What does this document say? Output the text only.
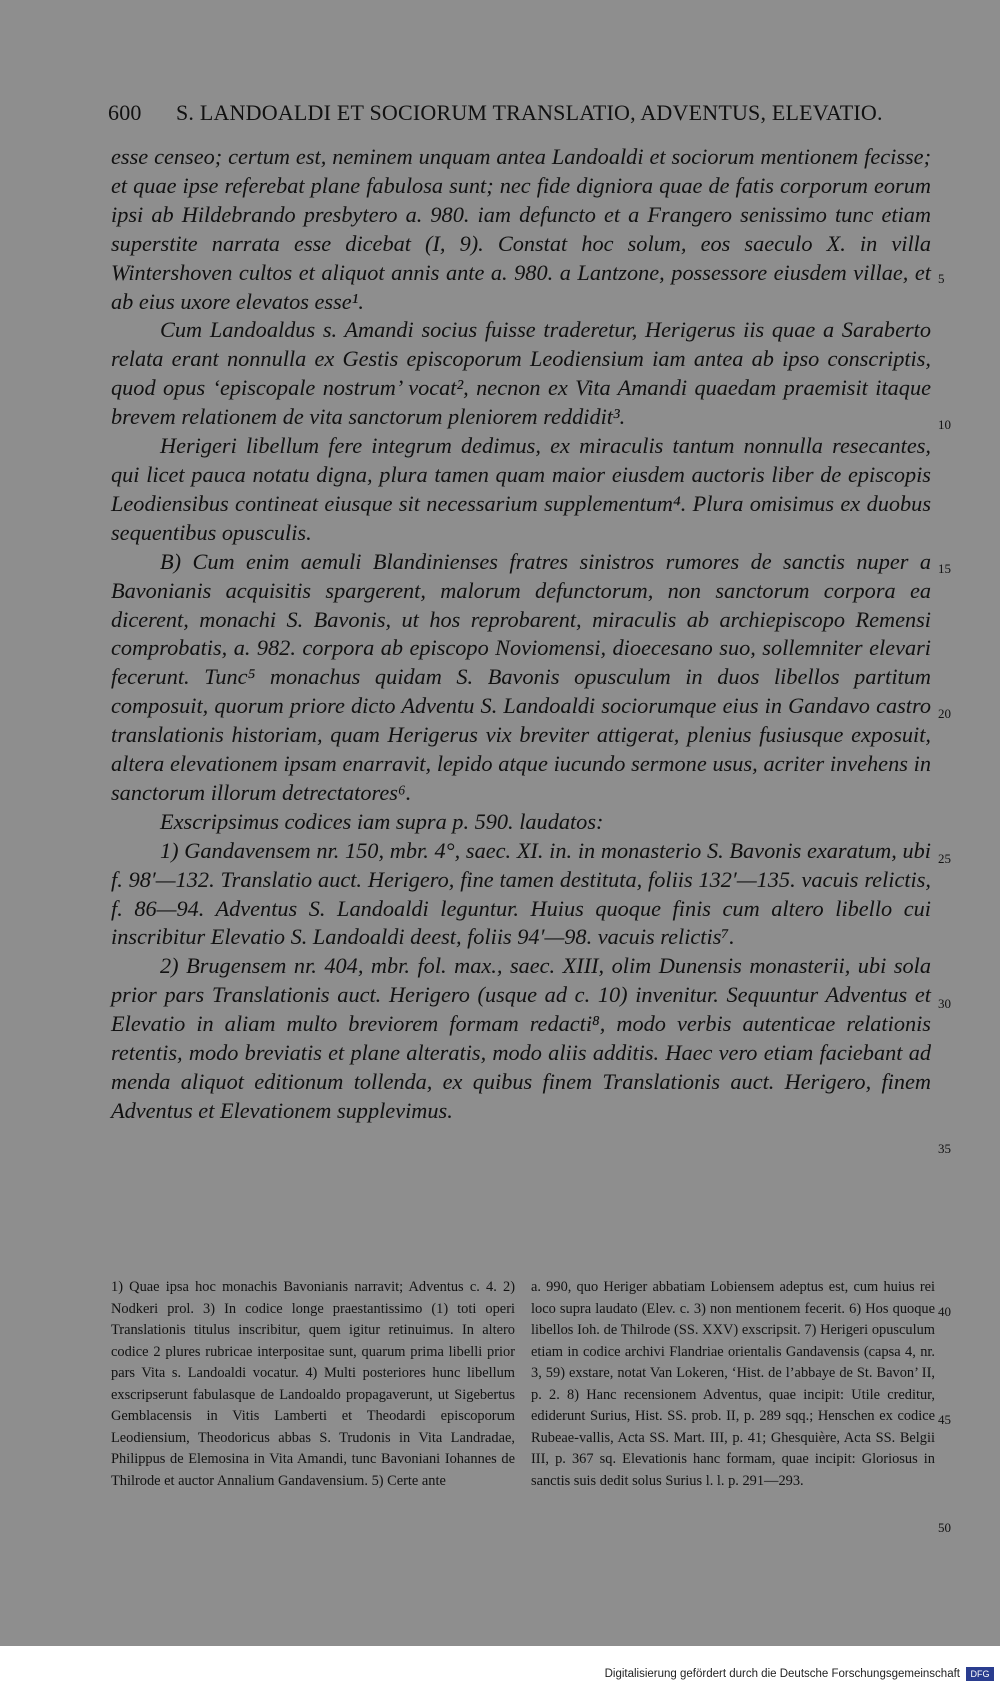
600 S. LANDOALDI ET SOCIORUM TRANSLATIO, ADVENTUS, ELEVATIO.

esse censeo; certum est, neminem unquam antea Landoaldi et sociorum mentionem fecisse; et quae ipse referebat plane fabulosa sunt; nec fide digniora quae de fatis corporum eorum ipsi ab Hildebrando presbytero a. 980. iam defuncto et a Frangero senissimo tunc etiam superstite narrata esse dicebat (I, 9). Constat hoc solum, eos saeculo X. in villa Wintershoven cultos et aliquot annis ante a. 980. a Lantzone, possessore eiusdem villae, et ab eius uxore elevatos esse¹.

Cum Landoaldus s. Amandi socius fuisse traderetur, Herigerus iis quae a Saraberto relata erant nonnulla ex Gestis episcoporum Leodiensium iam antea ab ipso conscriptis, quod opus ‘episcopale nostrum’ vocat², necnon ex Vita Amandi quaedam praemisit itaque brevem relationem de vita sanctorum pleniorem reddidit³.

Herigeri libellum fere integrum dedimus, ex miraculis tantum nonnulla resecantes, qui licet pauca notatu digna, plura tamen quam maior eiusdem auctoris liber de episcopis Leodiensibus contineat eiusque sit necessarium supplementum⁴. Plura omisimus ex duobus sequentibus opusculis.

B) Cum enim aemuli Blandinienses fratres sinistros rumores de sanctis nuper a Bavonianis acquisitis spargerent, malorum defunctorum, non sanctorum corpora ea dicerent, monachi S. Bavonis, ut hos reprobarent, miraculis ab archiepiscopo Remensi comprobatis, a. 982. corpora ab episcopo Noviomensi, dioecesano suo, sollemniter elevari fecerunt. Tunc⁵ monachus quidam S. Bavonis opusculum in duos libellos partitum composuit, quorum priore dicto Adventu S. Landoaldi sociorumque eius in Gandavo castro translationis historiam, quam Herigerus vix breviter attigerat, plenius fusiusque exposuit, altera elevationem ipsam enarravit, lepido atque iucundo sermone usus, acriter invehens in sanctorum illorum detrectatores⁶.

Exscripsimus codices iam supra p. 590. laudatos:

1) Gandavensem nr. 150, mbr. 4°, saec. XI. in. in monasterio S. Bavonis exaratum, ubi f. 98′—132. Translatio auct. Herigero, fine tamen destituta, foliis 132′—135. vacuis relictis, f. 86—94. Adventus S. Landoaldi leguntur. Huius quoque finis cum altero libello cui inscribitur Elevatio S. Landoaldi deest, foliis 94′—98. vacuis relictis⁷.

2) Brugensem nr. 404, mbr. fol. max., saec. XIII, olim Dunensis monasterii, ubi sola prior pars Translationis auct. Herigero (usque ad c. 10) invenitur. Sequuntur Adventus et Elevatio in aliam multo breviorem formam redacti⁸, modo verbis autenticae relationis retentis, modo breviatis et plane alteratis, modo aliis additis. Haec vero etiam faciebant ad menda aliquot editionum tollenda, ex quibus finem Translationis auct. Herigero, finem Adventus et Elevationem supplevimus.

5
10
15
20
25
30
35
40
45
50

1) Quae ipsa hoc monachis Bavonianis narravit; Adventus c. 4. 2) Nodkeri prol. 3) In codice longe praestantissimo (1) toti operi Translationis titulus inscribitur, quem igitur retinuimus. In altero codice 2 plures rubricae interpositae sunt, quarum prima libelli prior pars Vita s. Landoaldi vocatur. 4) Multi posteriores hunc libellum exscripserunt fabulasque de Landoaldo propagaverunt, ut Sigebertus Gemblacensis in Vitis Lamberti et Theodardi episcoporum Leodiensium, Theodoricus abbas S. Trudonis in Vita Landradae, Philippus de Elemosina in Vita Amandi, tunc Bavoniani Iohannes de Thilrode et auctor Annalium Gandavensium. 5) Certe ante

a. 990, quo Heriger abbatiam Lobiensem adeptus est, cum huius rei loco supra laudato (Elev. c. 3) non mentionem fecerit. 6) Hos quoque libellos Ioh. de Thilrode (SS. XXV) exscripsit. 7) Herigeri opusculum etiam in codice archivi Flandriae orientalis Gandavensis (capsa 4, nr. 3, 59) exstare, notat Van Lokeren, ‘Hist. de l’abbaye de St. Bavon’ II, p. 2. 8) Hanc recensionem Adventus, quae incipit: Utile creditur, ediderunt Surius, Hist. SS. prob. II, p. 289 sqq.; Henschen ex codice Rubeae-vallis, Acta SS. Mart. III, p. 41; Ghesquière, Acta SS. Belgii III, p. 367 sq. Elevationis hanc formam, quae incipit: Gloriosus in sanctis suis dedit solus Surius l. l. p. 291—293.

Digitalisierung gefördert durch die Deutsche Forschungsgemeinschaft	DFG
